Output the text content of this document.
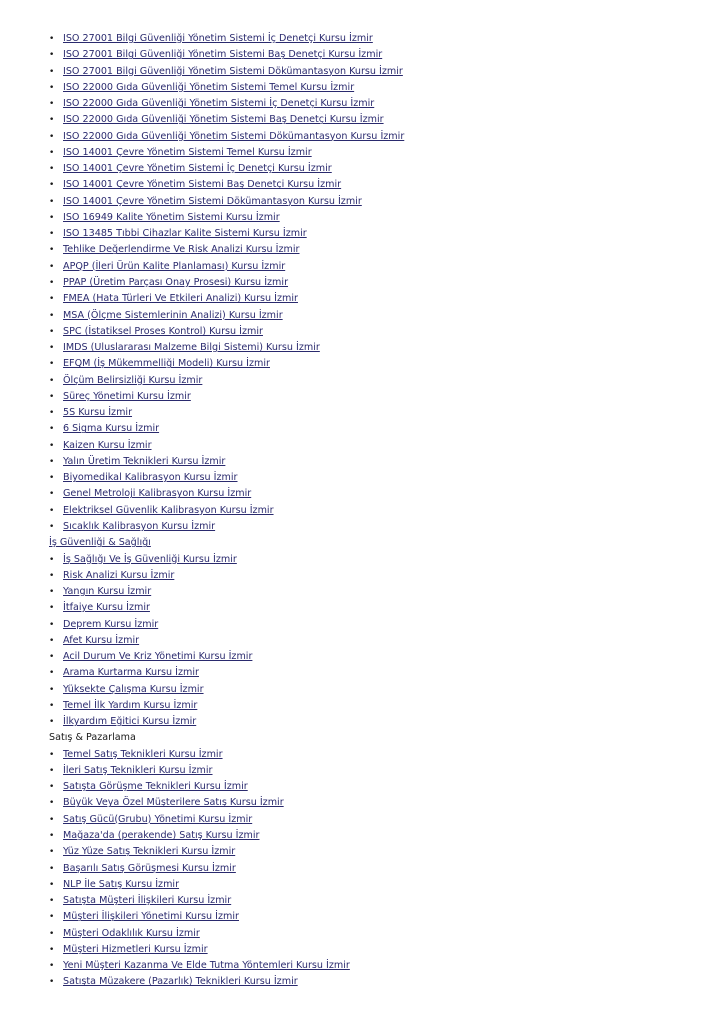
• ISO 27001 Bilgi Güvenliği Yönetim Sistemi İç Denetçi Kursu İzmir
• ISO 27001 Bilgi Güvenliği Yönetim Sistemi Baş Denetçi Kursu İzmir
• ISO 27001 Bilgi Güvenliği Yönetim Sistemi Dökümantasyon Kursu İzmir
• ISO 22000 Gıda Güvenliği Yönetim Sistemi Temel Kursu İzmir
• ISO 22000 Gıda Güvenliği Yönetim Sistemi İç Denetçi Kursu İzmir
• ISO 22000 Gıda Güvenliği Yönetim Sistemi Baş Denetçi Kursu İzmir
• ISO 22000 Gıda Güvenliği Yönetim Sistemi Dökümantasyon Kursu İzmir
• ISO 14001 Çevre Yönetim Sistemi Temel Kursu İzmir
• ISO 14001 Çevre Yönetim Sistemi İç Denetçi Kursu İzmir
• ISO 14001 Çevre Yönetim Sistemi Baş Denetçi Kursu İzmir
• ISO 14001 Çevre Yönetim Sistemi Dökümantasyon Kursu İzmir
• ISO 16949 Kalite Yönetim Sistemi Kursu İzmir
• ISO 13485 Tıbbi Cihazlar Kalite Sistemi Kursu İzmir
• Tehlike Değerlendirme Ve Risk Analizi Kursu İzmir
• APQP (İleri Ürün Kalite Planlaması) Kursu İzmir
• PPAP (Üretim Parçası Onay Prosesi) Kursu İzmir
• FMEA (Hata Türleri Ve Etkileri Analizi) Kursu İzmir
• MSA (Ölçme Sistemlerinin Analizi) Kursu İzmir
• SPC (İstatiksel Proses Kontrol) Kursu İzmir
• IMDS (Uluslararası Malzeme Bilgi Sistemi) Kursu İzmir
• EFQM (İş Mükemmelliği Modeli) Kursu İzmir
• Ölçüm Belirsizliği Kursu İzmir
• Süreç Yönetimi Kursu İzmir
• 5S Kursu İzmir
• 6 Sigma Kursu İzmir
• Kaizen Kursu İzmir
• Yalın Üretim Teknikleri Kursu İzmir
• Biyomedikal Kalibrasyon Kursu İzmir
• Genel Metroloji Kalibrasyon Kursu İzmir
• Elektriksel Güvenlik Kalibrasyon Kursu İzmir
• Sıcaklık Kalibrasyon Kursu İzmir
İş Güvenliği & Sağlığı
• İş Sağlığı Ve İş Güvenliği Kursu İzmir
• Risk Analizi Kursu İzmir
• Yangın Kursu İzmir
• İtfaiye Kursu İzmir
• Deprem Kursu İzmir
• Afet Kursu İzmir
• Acil Durum Ve Kriz Yönetimi Kursu İzmir
• Arama Kurtarma Kursu İzmir
• Yüksekte Çalışma Kursu İzmir
• Temel İlk Yardım Kursu İzmir
• İlkyardım Eğitici Kursu İzmir
Satış & Pazarlama
• Temel Satış Teknikleri Kursu İzmir
• İleri Satış Teknikleri Kursu İzmir
• Satışta Görüşme Teknikleri Kursu İzmir
• Büyük Veya Özel Müşterilere Satış Kursu İzmir
• Satış Gücü(Grubu) Yönetimi Kursu İzmir
• Mağaza'da (perakende) Satış Kursu İzmir
• Yüz Yüze Satış Teknikleri Kursu İzmir
• Başarılı Satış Görüşmesi Kursu İzmir
• NLP İle Satış Kursu İzmir
• Satışta Müşteri İlişkileri Kursu İzmir
• Müşteri İlişkileri Yönetimi Kursu İzmir
• Müşteri Odaklılık Kursu İzmir
• Müşteri Hizmetleri Kursu İzmir
• Yeni Müşteri Kazanma Ve Elde Tutma Yöntemleri Kursu İzmir
• Satışta Müzakere (Pazarlık) Teknikleri Kursu İzmir
